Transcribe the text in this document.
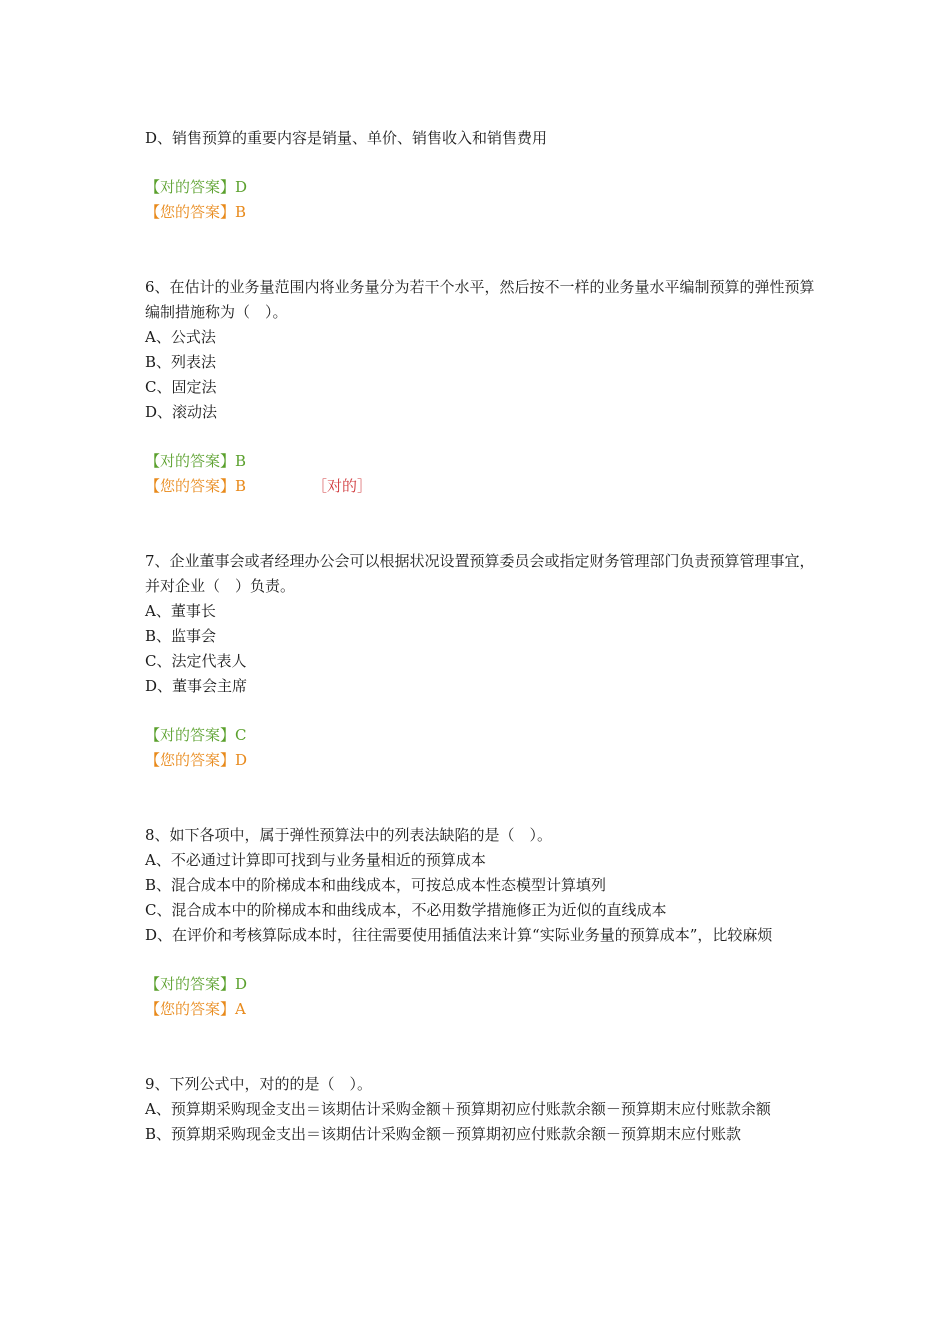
D、销售预算的重要内容是销量、单价、销售收入和销售费用
【对的答案】D
【您的答案】B
6、在估计的业务量范围内将业务量分为若干个水平，然后按不一样的业务量水平编制预算的弹性预算编制措施称为（　）。
A、公式法
B、列表法
C、固定法
D、滚动法
【对的答案】B
【您的答案】B	［对的］
7、企业董事会或者经理办公会可以根据状况设置预算委员会或指定财务管理部门负责预算管理事宜，并对企业（　）负责。
A、董事长
B、监事会
C、法定代表人
D、董事会主席
【对的答案】C
【您的答案】D
8、如下各项中，属于弹性预算法中的列表法缺陷的是（　）。
A、不必通过计算即可找到与业务量相近的预算成本
B、混合成本中的阶梯成本和曲线成本，可按总成本性态模型计算填列
C、混合成本中的阶梯成本和曲线成本，不必用数学措施修正为近似的直线成本
D、在评价和考核算际成本时，往往需要使用插值法来计算“实际业务量的预算成本”，比较麻烦
【对的答案】D
【您的答案】A
9、下列公式中，对的的是（　）。
A、预算期采购现金支出＝该期估计采购金额＋预算期初应付账款余额－预算期末应付账款余额
B、预算期采购现金支出＝该期估计采购金额－预算期初应付账款余额－预算期末应付账款
